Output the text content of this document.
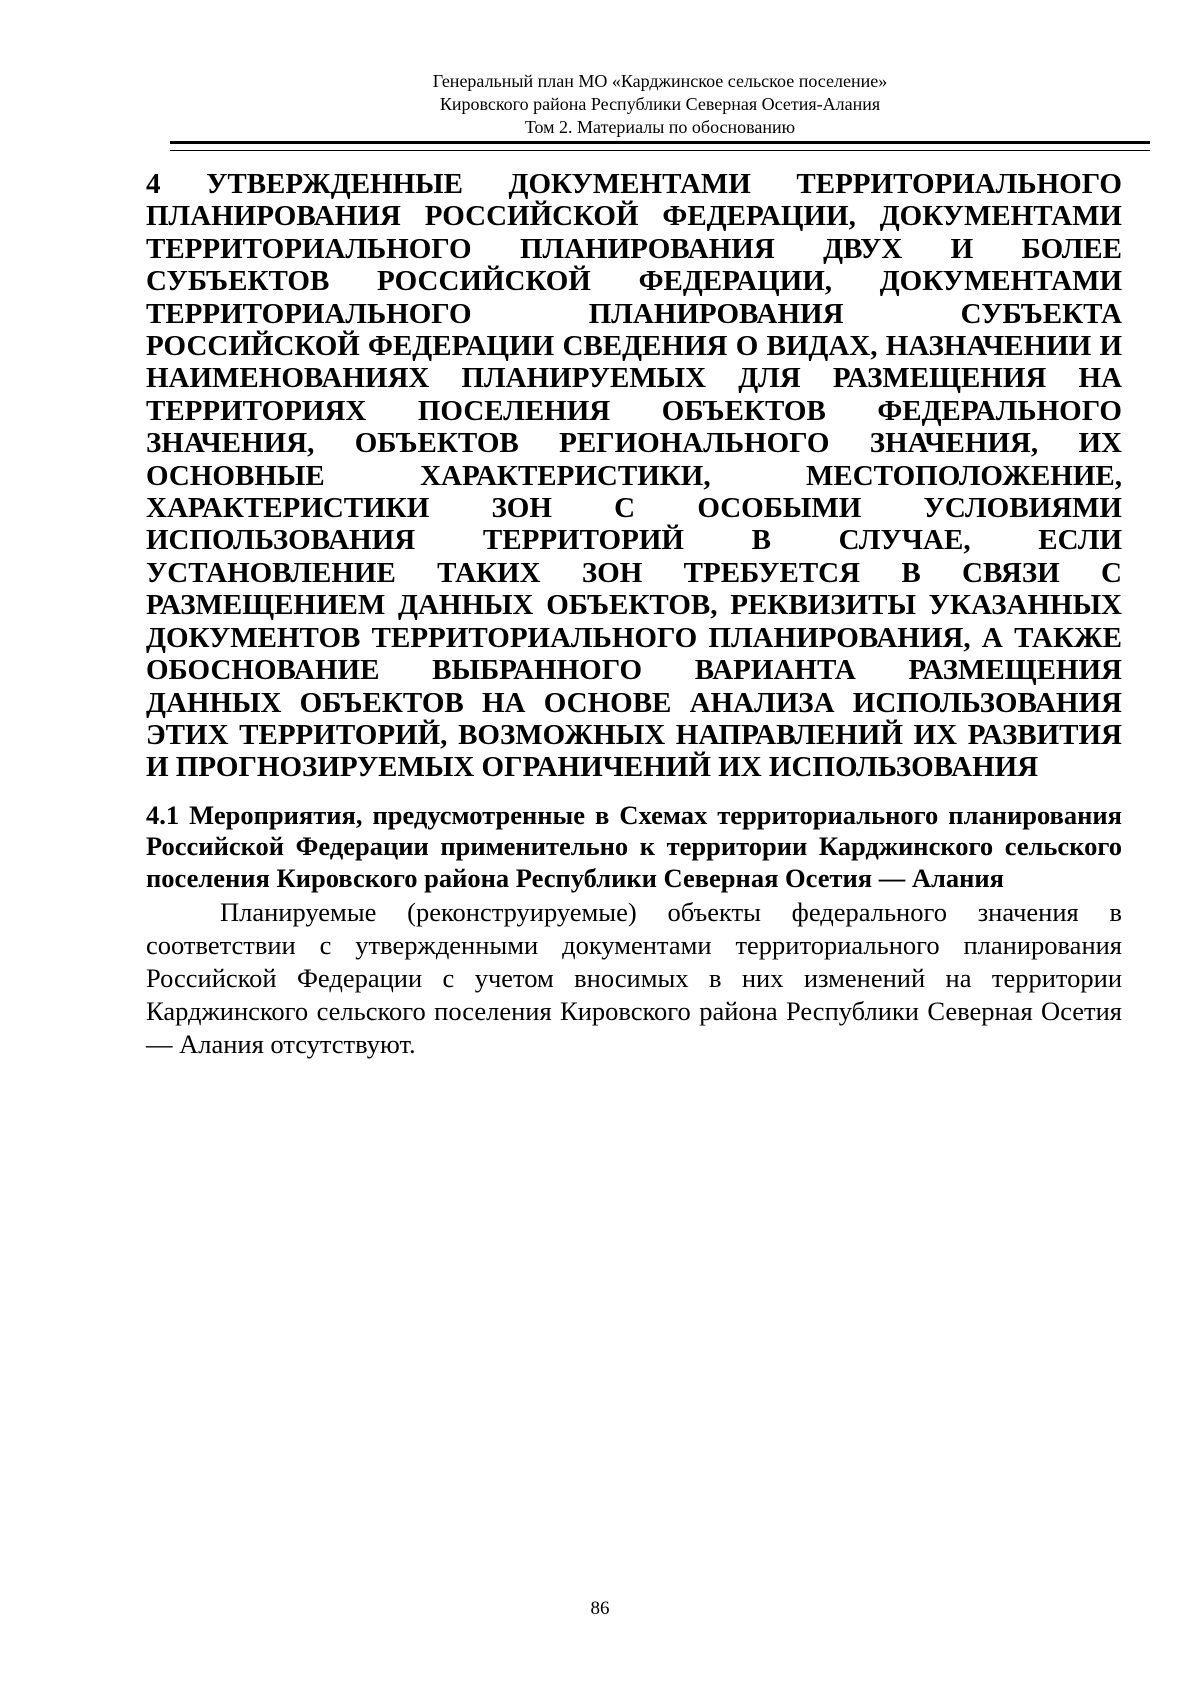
Генеральный план МО «Карджинское сельское поселение»
Кировского района Республики Северная Осетия-Алания
Том 2. Материалы по обоснованию
4 УТВЕРЖДЕННЫЕ ДОКУМЕНТАМИ ТЕРРИТОРИАЛЬНОГО ПЛАНИРОВАНИЯ РОССИЙСКОЙ ФЕДЕРАЦИИ, ДОКУМЕНТАМИ ТЕРРИТОРИАЛЬНОГО ПЛАНИРОВАНИЯ ДВУХ И БОЛЕЕ СУБЪЕКТОВ РОССИЙСКОЙ ФЕДЕРАЦИИ, ДОКУМЕНТАМИ ТЕРРИТОРИАЛЬНОГО ПЛАНИРОВАНИЯ СУБЪЕКТА РОССИЙСКОЙ ФЕДЕРАЦИИ СВЕДЕНИЯ О ВИДАХ, НАЗНАЧЕНИИ И НАИМЕНОВАНИЯХ ПЛАНИРУЕМЫХ ДЛЯ РАЗМЕЩЕНИЯ НА ТЕРРИТОРИЯХ ПОСЕЛЕНИЯ ОБЪЕКТОВ ФЕДЕРАЛЬНОГО ЗНАЧЕНИЯ, ОБЪЕКТОВ РЕГИОНАЛЬНОГО ЗНАЧЕНИЯ, ИХ ОСНОВНЫЕ ХАРАКТЕРИСТИКИ, МЕСТОПОЛОЖЕНИЕ, ХАРАКТЕРИСТИКИ ЗОН С ОСОБЫМИ УСЛОВИЯМИ ИСПОЛЬЗОВАНИЯ ТЕРРИТОРИЙ В СЛУЧАЕ, ЕСЛИ УСТАНОВЛЕНИЕ ТАКИХ ЗОН ТРЕБУЕТСЯ В СВЯЗИ С РАЗМЕЩЕНИЕМ ДАННЫХ ОБЪЕКТОВ, РЕКВИЗИТЫ УКАЗАННЫХ ДОКУМЕНТОВ ТЕРРИТОРИАЛЬНОГО ПЛАНИРОВАНИЯ, А ТАКЖЕ ОБОСНОВАНИЕ ВЫБРАННОГО ВАРИАНТА РАЗМЕЩЕНИЯ ДАННЫХ ОБЪЕКТОВ НА ОСНОВЕ АНАЛИЗА ИСПОЛЬЗОВАНИЯ ЭТИХ ТЕРРИТОРИЙ, ВОЗМОЖНЫХ НАПРАВЛЕНИЙ ИХ РАЗВИТИЯ И ПРОГНОЗИРУЕМЫХ ОГРАНИЧЕНИЙ ИХ ИСПОЛЬЗОВАНИЯ
4.1 Мероприятия, предусмотренные в Схемах территориального планирования Российской Федерации применительно к территории Карджинского сельского поселения Кировского района Республики Северная Осетия — Алания

Планируемые (реконструируемые) объекты федерального значения в соответствии с утвержденными документами территориального планирования Российской Федерации с учетом вносимых в них изменений на территории Карджинского сельского поселения Кировского района Республики Северная Осетия — Алания отсутствуют.

86
